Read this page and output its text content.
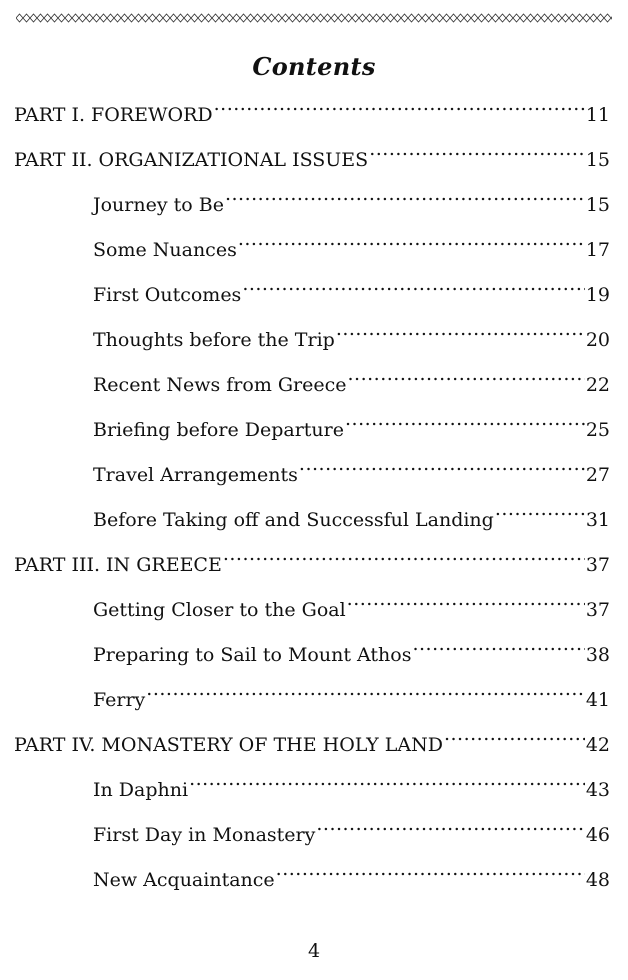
Contents
PART I. FOREWORD .....	11
PART II. ORGANIZATIONAL ISSUES .....	15
Journey to Be .....	15
Some Nuances .....	17
First Outcomes .....	19
Thoughts before the Trip .....	20
Recent News from Greece .....	22
Briefing before Departure .....	25
Travel Arrangements .....	27
Before Taking off and Successful Landing .....	31
PART III. IN GREECE .....	37
Getting Closer to the Goal .....	37
Preparing to Sail to Mount Athos .....	38
Ferry .....	41
PART IV. MONASTERY OF THE HOLY LAND .....	42
In Daphni .....	43
First Day in Monastery .....	46
New Acquaintance .....	48
4
